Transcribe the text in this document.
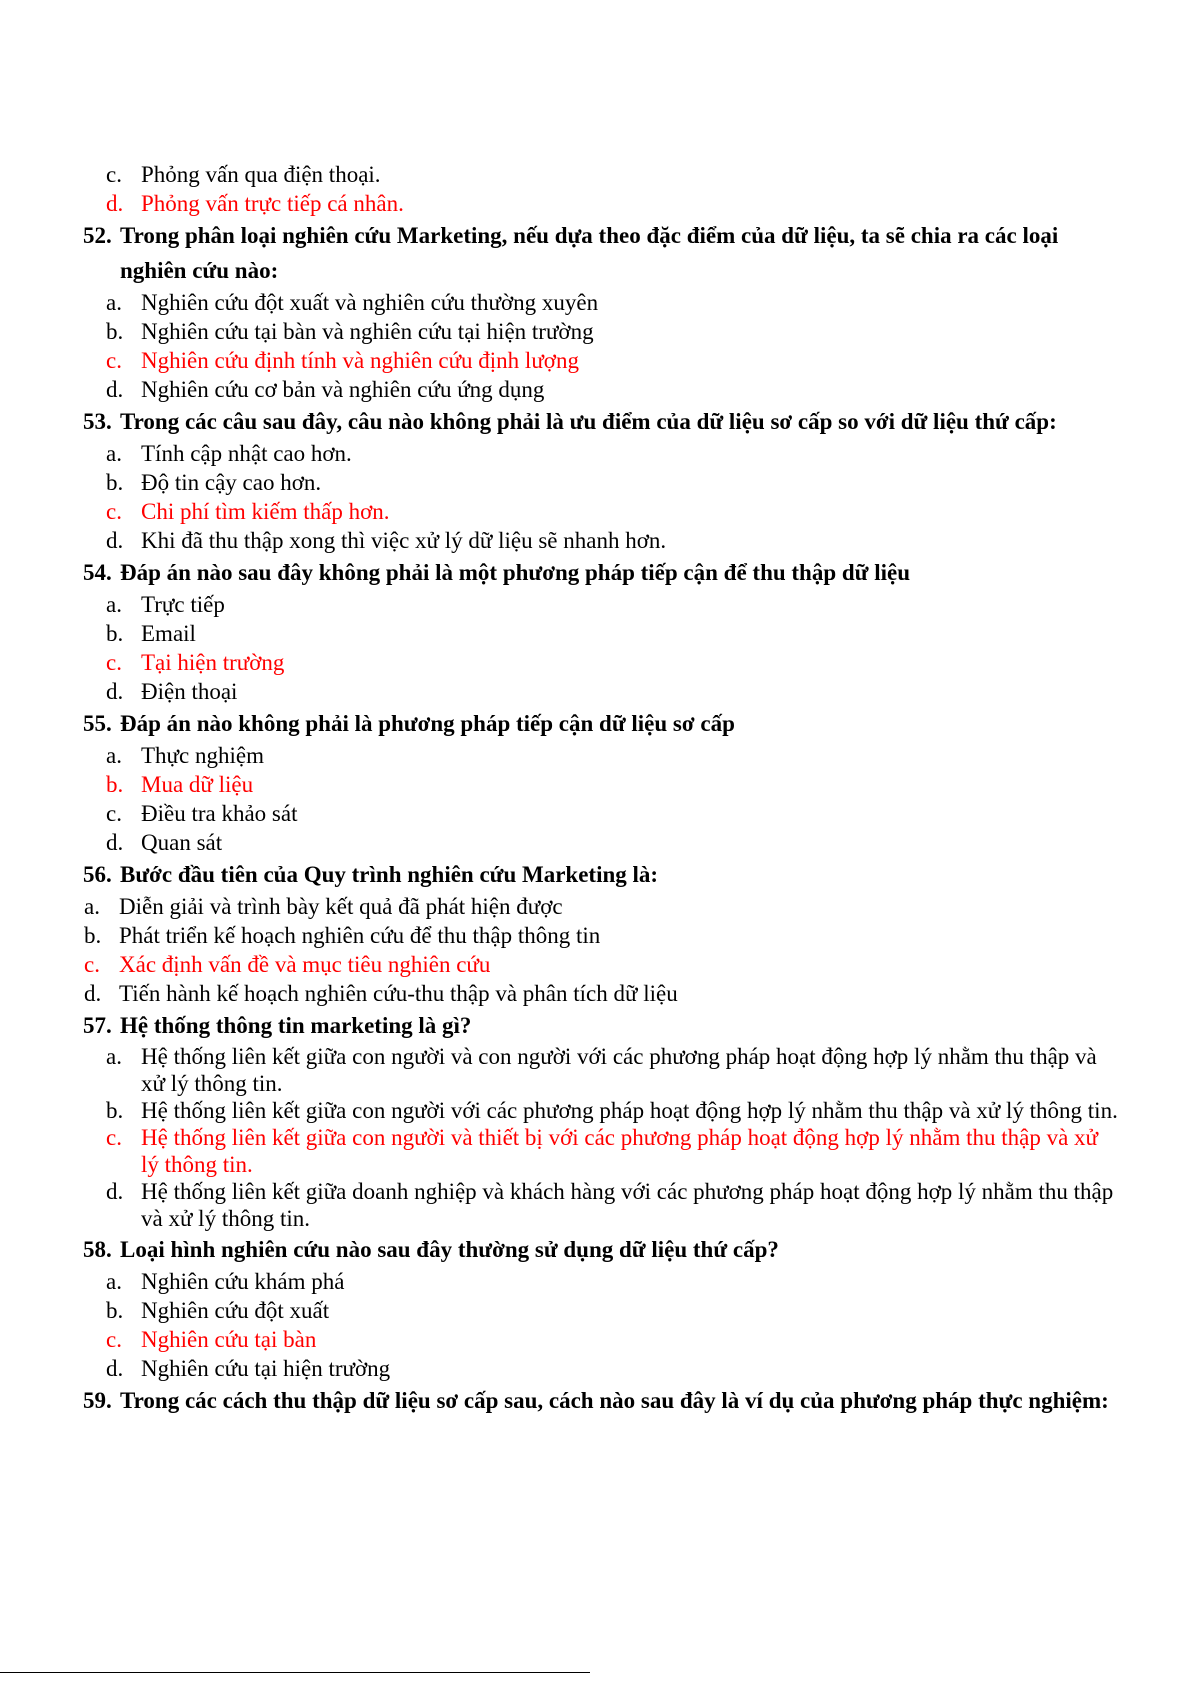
c. Phỏng vấn qua điện thoại.
d. Phỏng vấn trực tiếp cá nhân.
52. Trong phân loại nghiên cứu Marketing, nếu dựa theo đặc điểm của dữ liệu, ta sẽ chia ra các loại nghiên cứu nào:
a. Nghiên cứu đột xuất và nghiên cứu thường xuyên
b. Nghiên cứu tại bàn và nghiên cứu tại hiện trường
c. Nghiên cứu định tính và nghiên cứu định lượng
d. Nghiên cứu cơ bản và nghiên cứu ứng dụng
53. Trong các câu sau đây, câu nào không phải là ưu điểm của dữ liệu sơ cấp so với dữ liệu thứ cấp:
a. Tính cập nhật cao hơn.
b. Độ tin cậy cao hơn.
c. Chi phí tìm kiếm thấp hơn.
d. Khi đã thu thập xong thì việc xử lý dữ liệu sẽ nhanh hơn.
54. Đáp án nào sau đây không phải là một phương pháp tiếp cận để thu thập dữ liệu
a. Trực tiếp
b. Email
c. Tại hiện trường
d. Điện thoại
55. Đáp án nào không phải là phương pháp tiếp cận dữ liệu sơ cấp
a. Thực nghiệm
b. Mua dữ liệu
c. Điều tra khảo sát
d. Quan sát
56. Bước đầu tiên của Quy trình nghiên cứu Marketing là:
a. Diễn giải và trình bày kết quả đã phát hiện được
b. Phát triển kế hoạch nghiên cứu để thu thập thông tin
c. Xác định vấn đề và mục tiêu nghiên cứu
d. Tiến hành kế hoạch nghiên cứu-thu thập và phân tích dữ liệu
57. Hệ thống thông tin marketing là gì?
a. Hệ thống liên kết giữa con người và con người với các phương pháp hoạt động hợp lý nhằm thu thập và xử lý thông tin.
b. Hệ thống liên kết giữa con người với các phương pháp hoạt động hợp lý nhằm thu thập và xử lý thông tin.
c. Hệ thống liên kết giữa con người và thiết bị với các phương pháp hoạt động hợp lý nhằm thu thập và xử lý thông tin.
d. Hệ thống liên kết giữa doanh nghiệp và khách hàng với các phương pháp hoạt động hợp lý nhằm thu thập và xử lý thông tin.
58. Loại hình nghiên cứu nào sau đây thường sử dụng dữ liệu thứ cấp?
a. Nghiên cứu khám phá
b. Nghiên cứu đột xuất
c. Nghiên cứu tại bàn
d. Nghiên cứu tại hiện trường
59. Trong các cách thu thập dữ liệu sơ cấp sau, cách nào sau đây là ví dụ của phương pháp thực nghiệm:
